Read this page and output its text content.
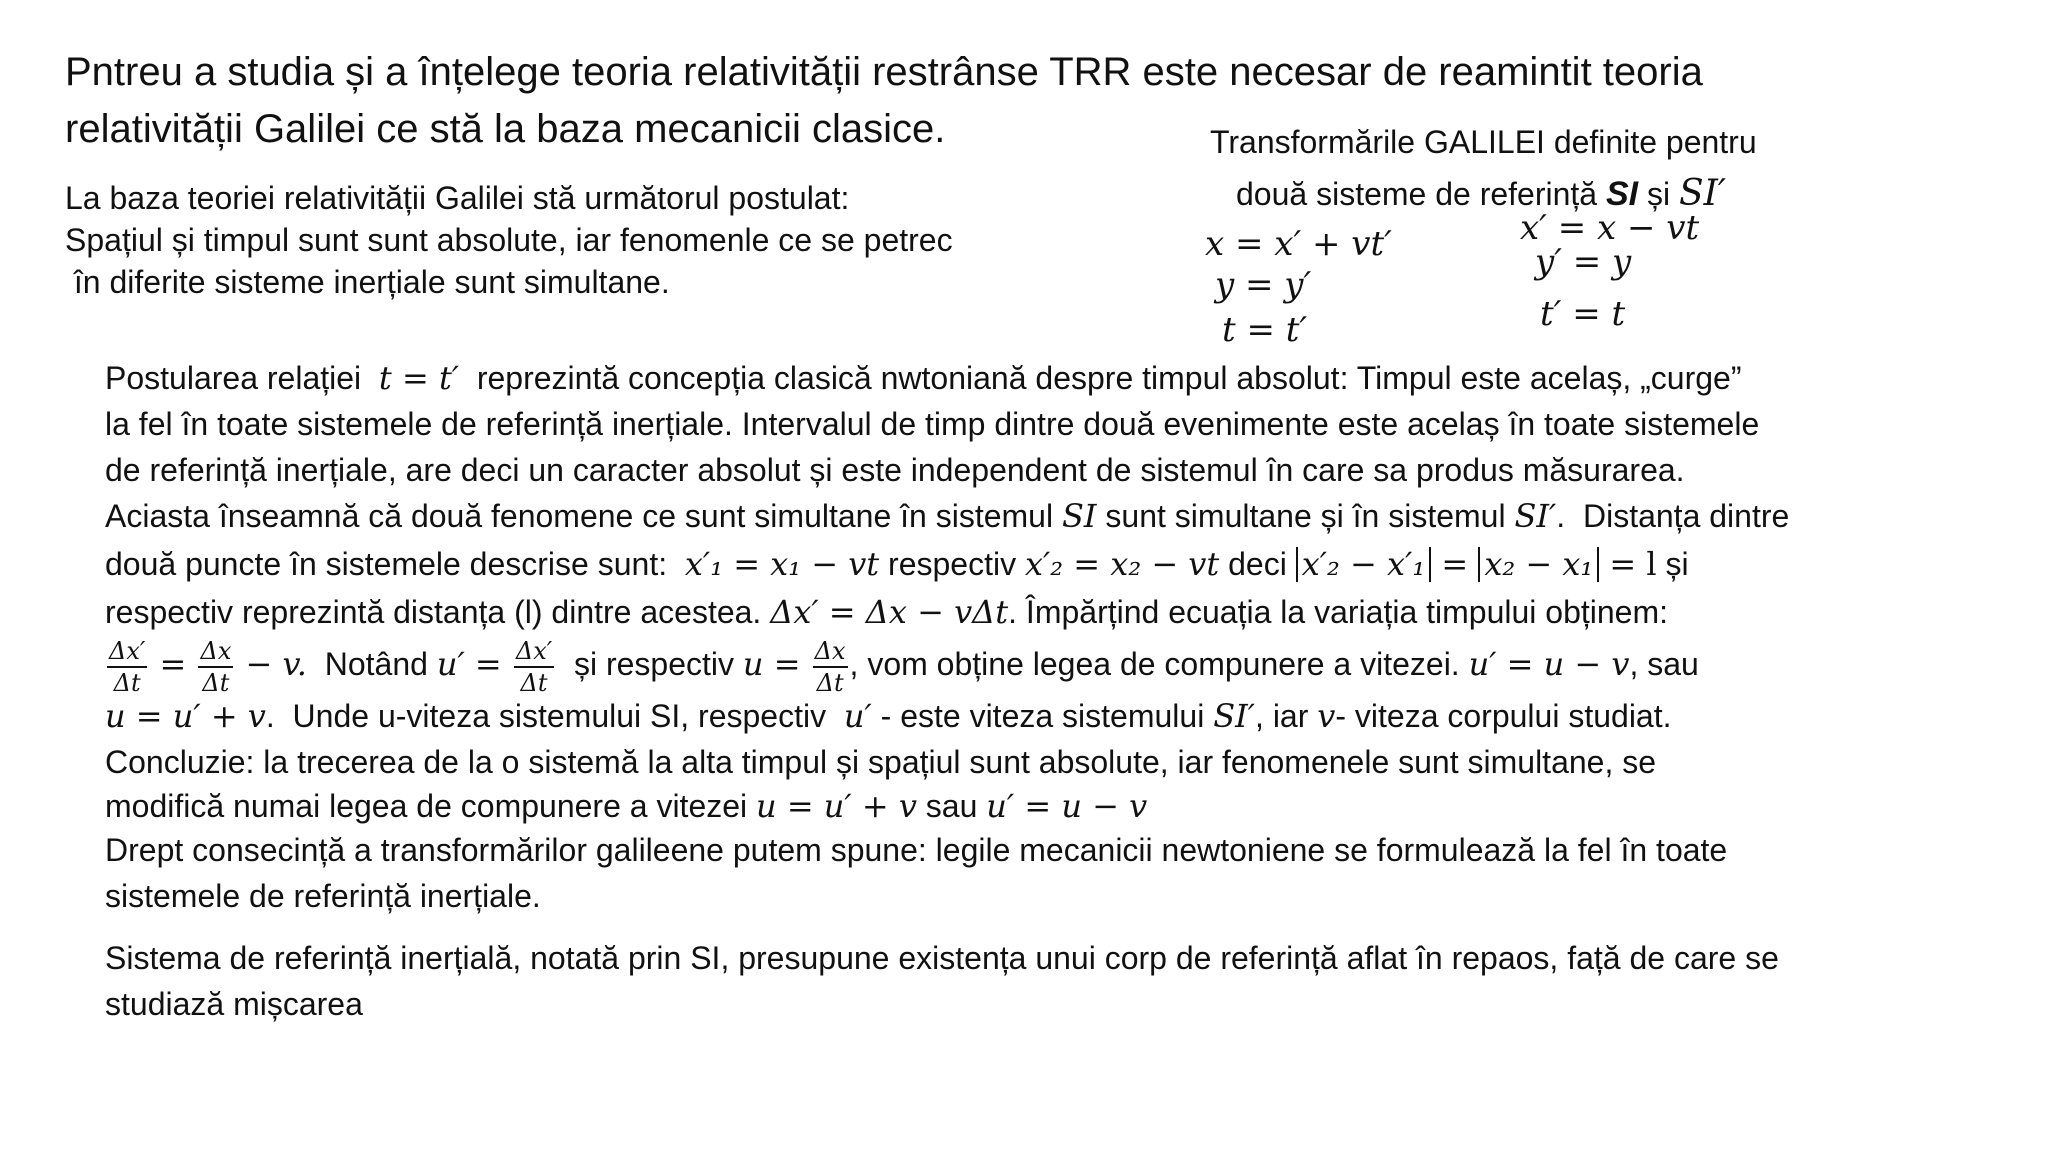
Pntreu a studia și a înțelege teoria relativității restrânse TRR este necesar de reamintit teoria
relativității Galilei ce stă la baza mecanicii clasice.
La baza teoriei relativității Galilei stă următorul postulat:
Spațiul și timpul sunt sunt absolute, iar fenomenle ce se petrec
în diferite sisteme inerțiale sunt simultane.
Transformările GALILEI definite pentru
două sisteme de referință SI și SI′
x = x′ + vt′
y = y′
t = t′
x′ = x − vt
y′ = y
t′ = t
Postularea relației  t = t′  reprezintă concepția clasică nwtoniană despre timpul absolut: Timpul este acelaș, „curge”
la fel în toate sistemele de referință inerțiale. Intervalul de timp dintre două evenimente este acelaș în toate sistemele
de referință inerțiale, are deci un caracter absolut și este independent de sistemul în care sa produs măsurarea.
Aciasta înseamnă că două fenomene ce sunt simultane în sistemul SI sunt simultane și în sistemul SI′.  Distanța dintre
două puncte în sistemele descrise sunt:  x′₁ = x₁ − vt respectiv x′₂ = x₂ − vt deci x′₂ − x′₁ = x₂ − x₁ = l și
respectiv reprezintă distanța (l) dintre acestea. Δx′ = Δx − vΔt. Împărțind ecuația la variația timpului obținem:
$\frac{\Delta x'}{\Delta t} = \frac{\Delta x}{\Delta t} - v$.  Notând $u' = \frac{\Delta x'}{\Delta t}$ și respectiv $u = \frac{\Delta x}{\Delta t}$ , vom obține legea de compunere a vitezei. u′ = u − v, sau
u = u′ + v.  Unde u-viteza sistemului SI, respectiv  u′ - este viteza sistemului SI′, iar v- viteza corpului studiat.
Concluzie: la trecerea de la o sistemă la alta timpul și spațiul sunt absolute, iar fenomenele sunt simultane, se
modifică numai legea de compunere a vitezei u = u′ + v sau u′ = u − v
Drept consecință a transformărilor galileene putem spune: legile mecanicii newtoniene se formulează la fel în toate
sistemele de referință inerțiale.
Sistema de referință inerțială, notată prin SI, presupune existența unui corp de referință aflat în repaos, față de care se
studiază mișcarea
